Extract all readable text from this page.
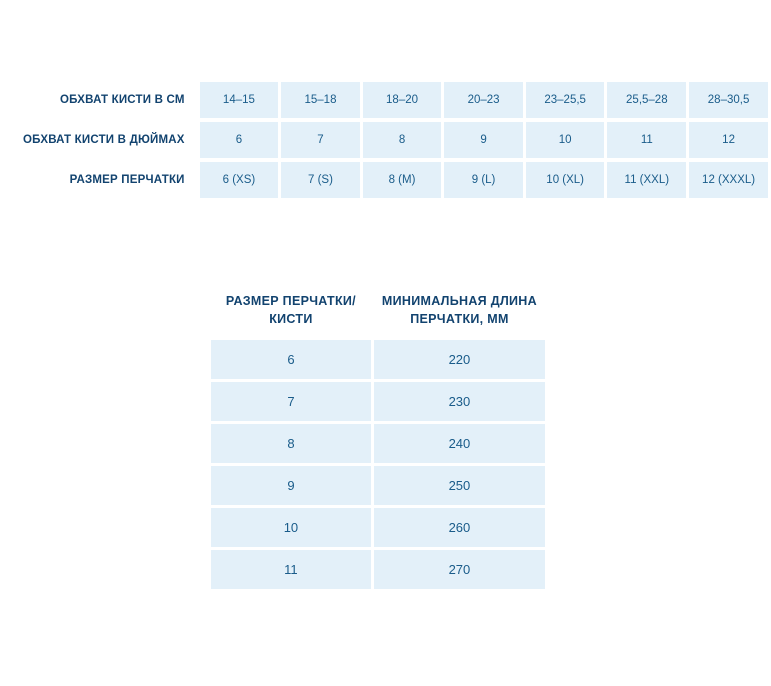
ОБХВАТ КИСТИ В СМ	14–15	15–18	18–20	20–23	23–25,5	25,5–28	28–30,5
ОБХВАТ КИСТИ В ДЮЙМАХ	6	7	8	9	10	11	12
РАЗМЕР ПЕРЧАТКИ	6 (XS)	7 (S)	8 (M)	9 (L)	10 (XL)	11 (XXL)	12 (XXXL)
РАЗМЕР ПЕРЧАТКИ/ КИСТИ	МИНИМАЛЬНАЯ ДЛИНА ПЕРЧАТКИ, ММ
6	220
7	230
8	240
9	250
10	260
11	270
